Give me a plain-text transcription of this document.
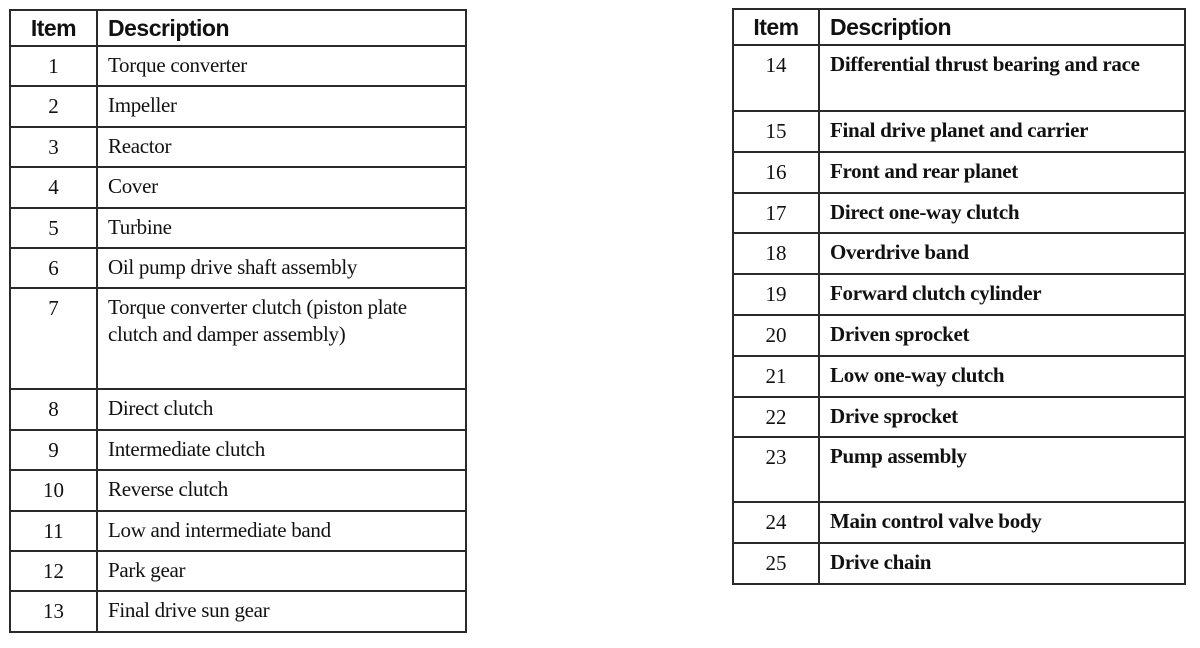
Item	Description
1	Torque converter
2	Impeller
3	Reactor
4	Cover
5	Turbine
6	Oil pump drive shaft assembly
7	Torque converter clutch (piston plate clutch and damper assembly)
8	Direct clutch
9	Intermediate clutch
10	Reverse clutch
11	Low and intermediate band
12	Park gear
13	Final drive sun gear
Item	Description
14	Differential thrust bearing and race
15	Final drive planet and carrier
16	Front and rear planet
17	Direct one-way clutch
18	Overdrive band
19	Forward clutch cylinder
20	Driven sprocket
21	Low one-way clutch
22	Drive sprocket
23	Pump assembly
24	Main control valve body
25	Drive chain
